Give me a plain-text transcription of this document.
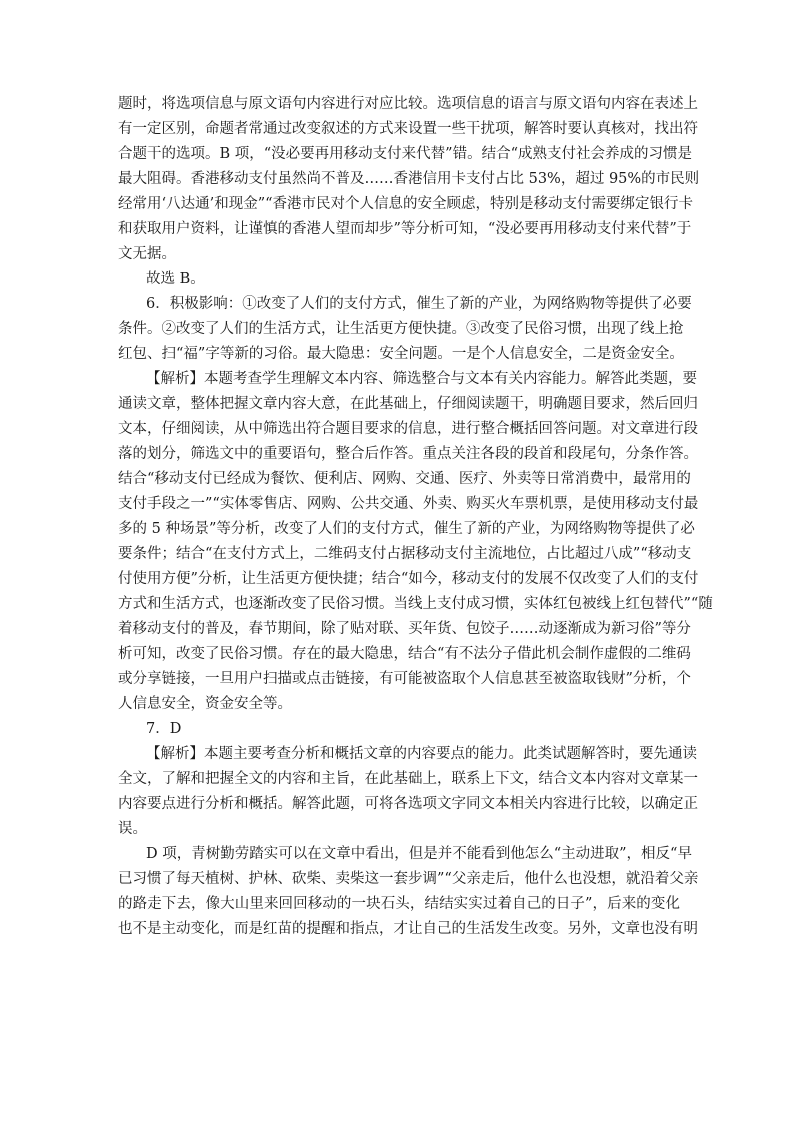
题时，将选项信息与原文语句内容进行对应比较。选项信息的语言与原文语句内容在表述上
有一定区别，命题者常通过改变叙述的方式来设置一些干扰项，解答时要认真核对，找出符
合题干的选项。B 项，“没必要再用移动支付来代替”错。结合“成熟支付社会养成的习惯是
最大阻碍。香港移动支付虽然尚不普及……香港信用卡支付占比 53%，超过 95%的市民则
经常用‘八达通’和现金”“香港市民对个人信息的安全顾虑，特别是移动支付需要绑定银行卡
和获取用户资料，让谨慎的香港人望而却步”等分析可知，“没必要再用移动支付来代替”于
文无据。
故选 B。
6．积极影响：①改变了人们的支付方式，催生了新的产业，为网络购物等提供了必要
条件。②改变了人们的生活方式，让生活更方便快捷。③改变了民俗习惯，出现了线上抢
红包、扫“福”字等新的习俗。最大隐患：安全问题。一是个人信息安全，二是资金安全。
【解析】本题考查学生理解文本内容、筛选整合与文本有关内容能力。解答此类题，要
通读文章，整体把握文章内容大意，在此基础上，仔细阅读题干，明确题目要求，然后回归
文本，仔细阅读，从中筛选出符合题目要求的信息，进行整合概括回答问题。对文章进行段
落的划分，筛选文中的重要语句，整合后作答。重点关注各段的段首和段尾句，分条作答。
结合“移动支付已经成为餐饮、便利店、网购、交通、医疗、外卖等日常消费中，最常用的
支付手段之一”“实体零售店、网购、公共交通、外卖、购买火车票机票，是使用移动支付最
多的 5 种场景”等分析，改变了人们的支付方式，催生了新的产业，为网络购物等提供了必
要条件；结合“在支付方式上，二维码支付占据移动支付主流地位，占比超过八成”“移动支
付使用方便”分析，让生活更方便快捷；结合“如今，移动支付的发展不仅改变了人们的支付
方式和生活方式，也逐渐改变了民俗习惯。当线上支付成习惯，实体红包被线上红包替代”“随
着移动支付的普及，春节期间，除了贴对联、买年货、包饺子……动逐渐成为新习俗”等分
析可知，改变了民俗习惯。存在的最大隐患，结合“有不法分子借此机会制作虚假的二维码
或分享链接，一旦用户扫描或点击链接，有可能被盗取个人信息甚至被盗取钱财”分析，个
人信息安全，资金安全等。
7．D
【解析】本题主要考查分析和概括文章的内容要点的能力。此类试题解答时，要先通读
全文，了解和把握全文的内容和主旨，在此基础上，联系上下文，结合文本内容对文章某一
内容要点进行分析和概括。解答此题，可将各选项文字同文本相关内容进行比较，以确定正
误。
D 项，青树勤劳踏实可以在文章中看出，但是并不能看到他怎么“主动进取”，相反“早
已习惯了每天植树、护林、砍柴、卖柴这一套步调”“父亲走后，他什么也没想，就沿着父亲
的路走下去，像大山里来回回移动的一块石头，结结实实过着自己的日子”，后来的变化
也不是主动变化，而是红苗的提醒和指点，才让自己的生活发生改变。另外，文章也没有明
